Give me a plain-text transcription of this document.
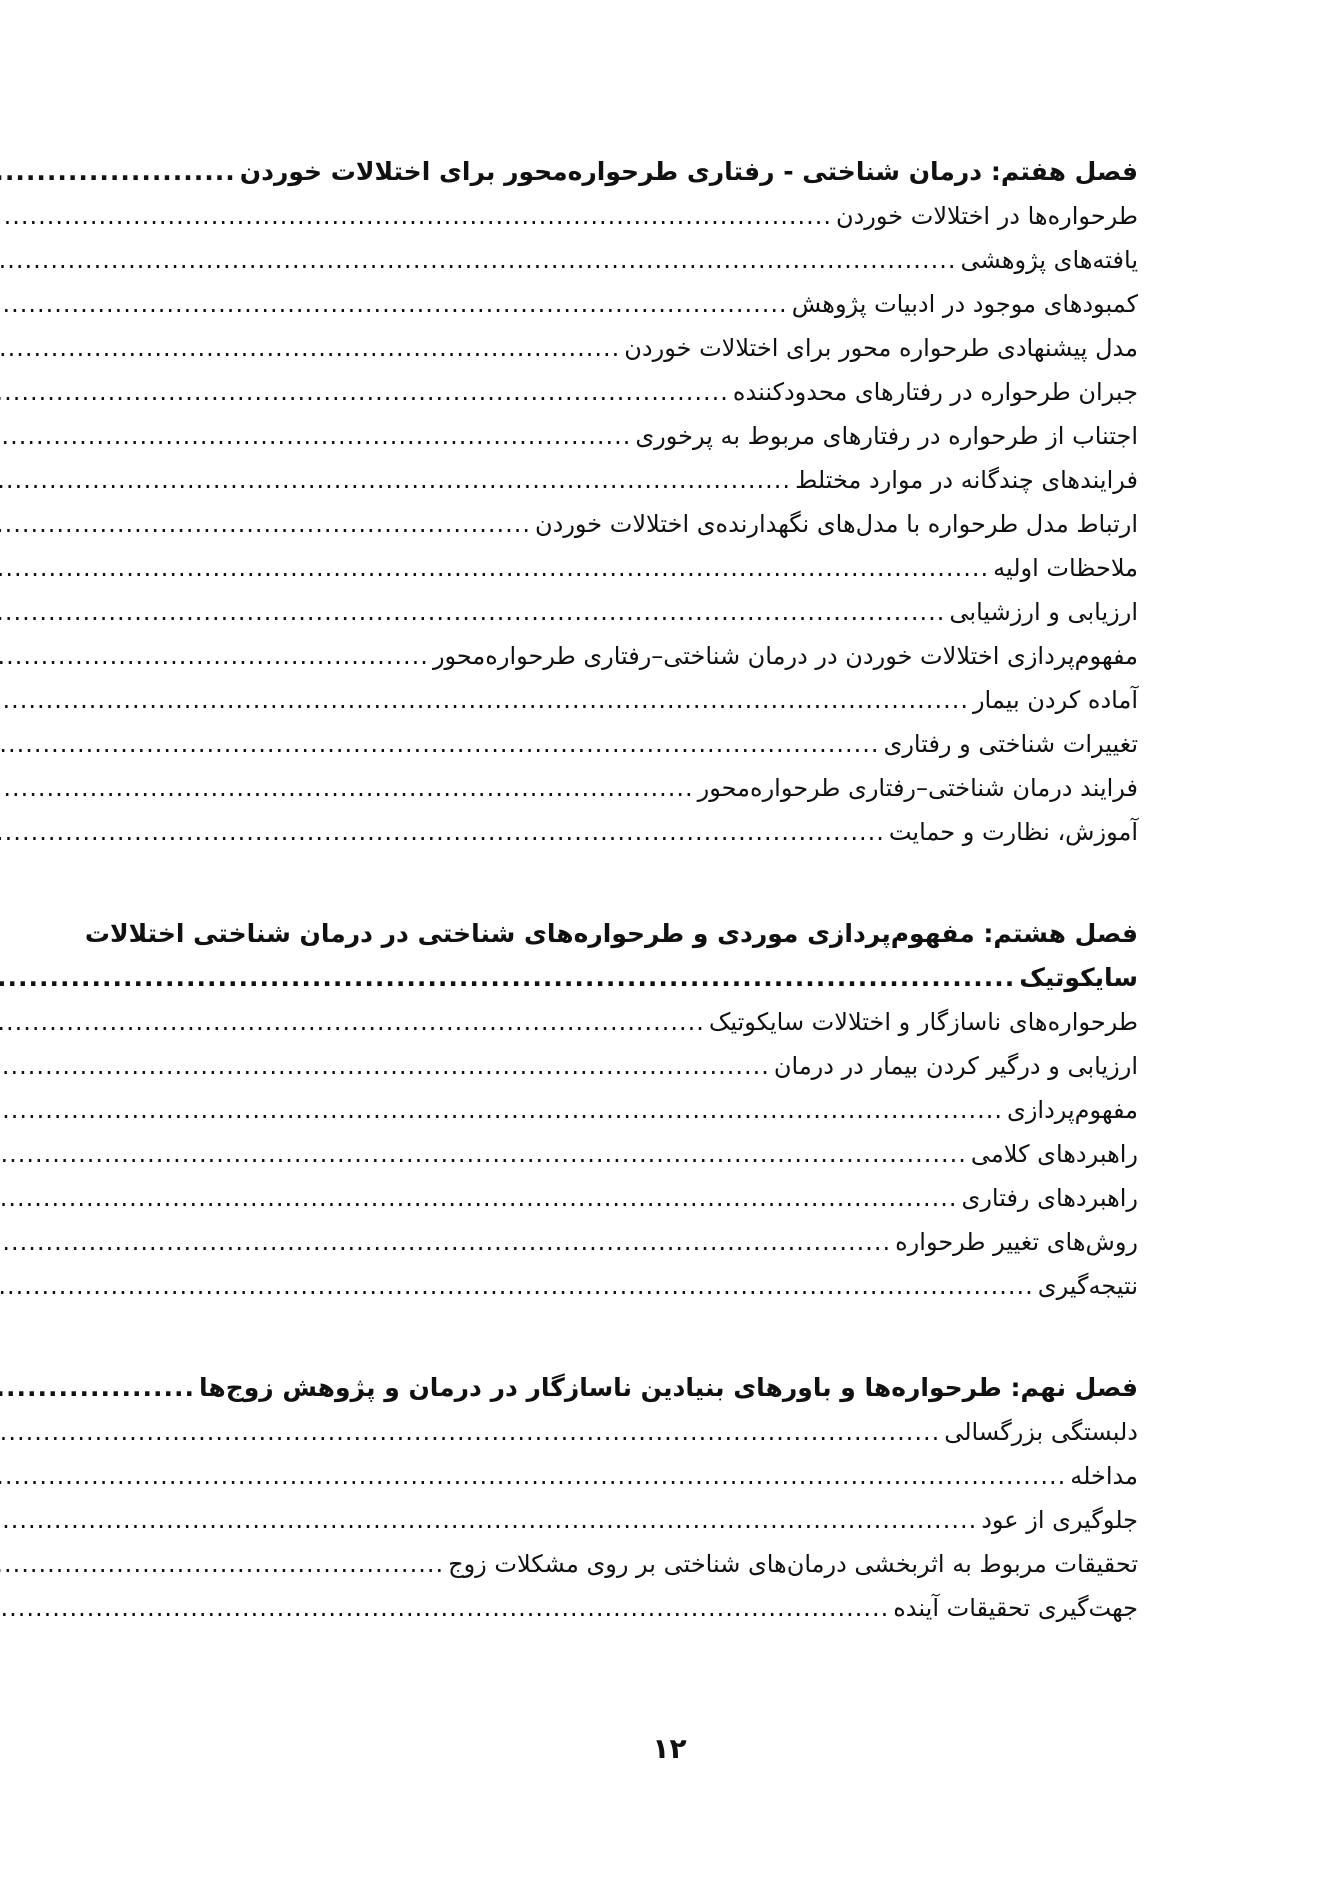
فصل هفتم: درمان شناختی - رفتاری طرحواره‌محور برای اختلالات خوردن
.....
طرحواره‌ها در اختلالات خوردن
.....
یافته‌های پژوهشی
.....
کمبودهای موجود در ادبیات پژوهش
.....
مدل پیشنهادی طرحواره محور برای اختلالات خوردن
.....
جبران طرحواره در رفتارهای محدودکننده
.....
اجتناب از طرحواره در رفتارهای مربوط به پرخوری
.....
فرایندهای چندگانه در موارد مختلط
.....
ارتباط مدل طرحواره با مدل‌های نگهدارنده‌ی اختلالات خوردن
.....
ملاحظات اولیه
.....
ارزیابی و ارزشیابی
.....
مفهوم‌پردازی اختلالات خوردن در درمان شناختی–رفتاری طرحواره‌محور
.....
آماده کردن بیمار
.....
تغییرات شناختی و رفتاری
.....
فرایند درمان شناختی–رفتاری طرحواره‌محور
.....
آموزش، نظارت و حمایت
.....
فصل هشتم: مفهوم‌پردازی موردی و طرحواره‌های شناختی در درمان شناختی اختلالات
سایکوتیک
.....
طرحواره‌های ناسازگار و اختلالات سایکوتیک
.....
ارزیابی و درگیر کردن بیمار در درمان
.....
مفهوم‌پردازی
.....
راهبردهای کلامی
.....
راهبردهای رفتاری
.....
روش‌های تغییر طرحواره
.....
نتیجه‌گیری
.....
فصل نهم: طرحواره‌ها و باورهای بنیادین ناسازگار در درمان و پژوهش زوج‌ها
.....
دلبستگی بزرگسالی
.....
مداخله
.....
جلوگیری از عود
.....
تحقیقات مربوط به اثربخشی درمان‌های شناختی بر روی مشکلات زوج
.....
جهت‌گیری تحقیقات آینده
.....
۱۲
